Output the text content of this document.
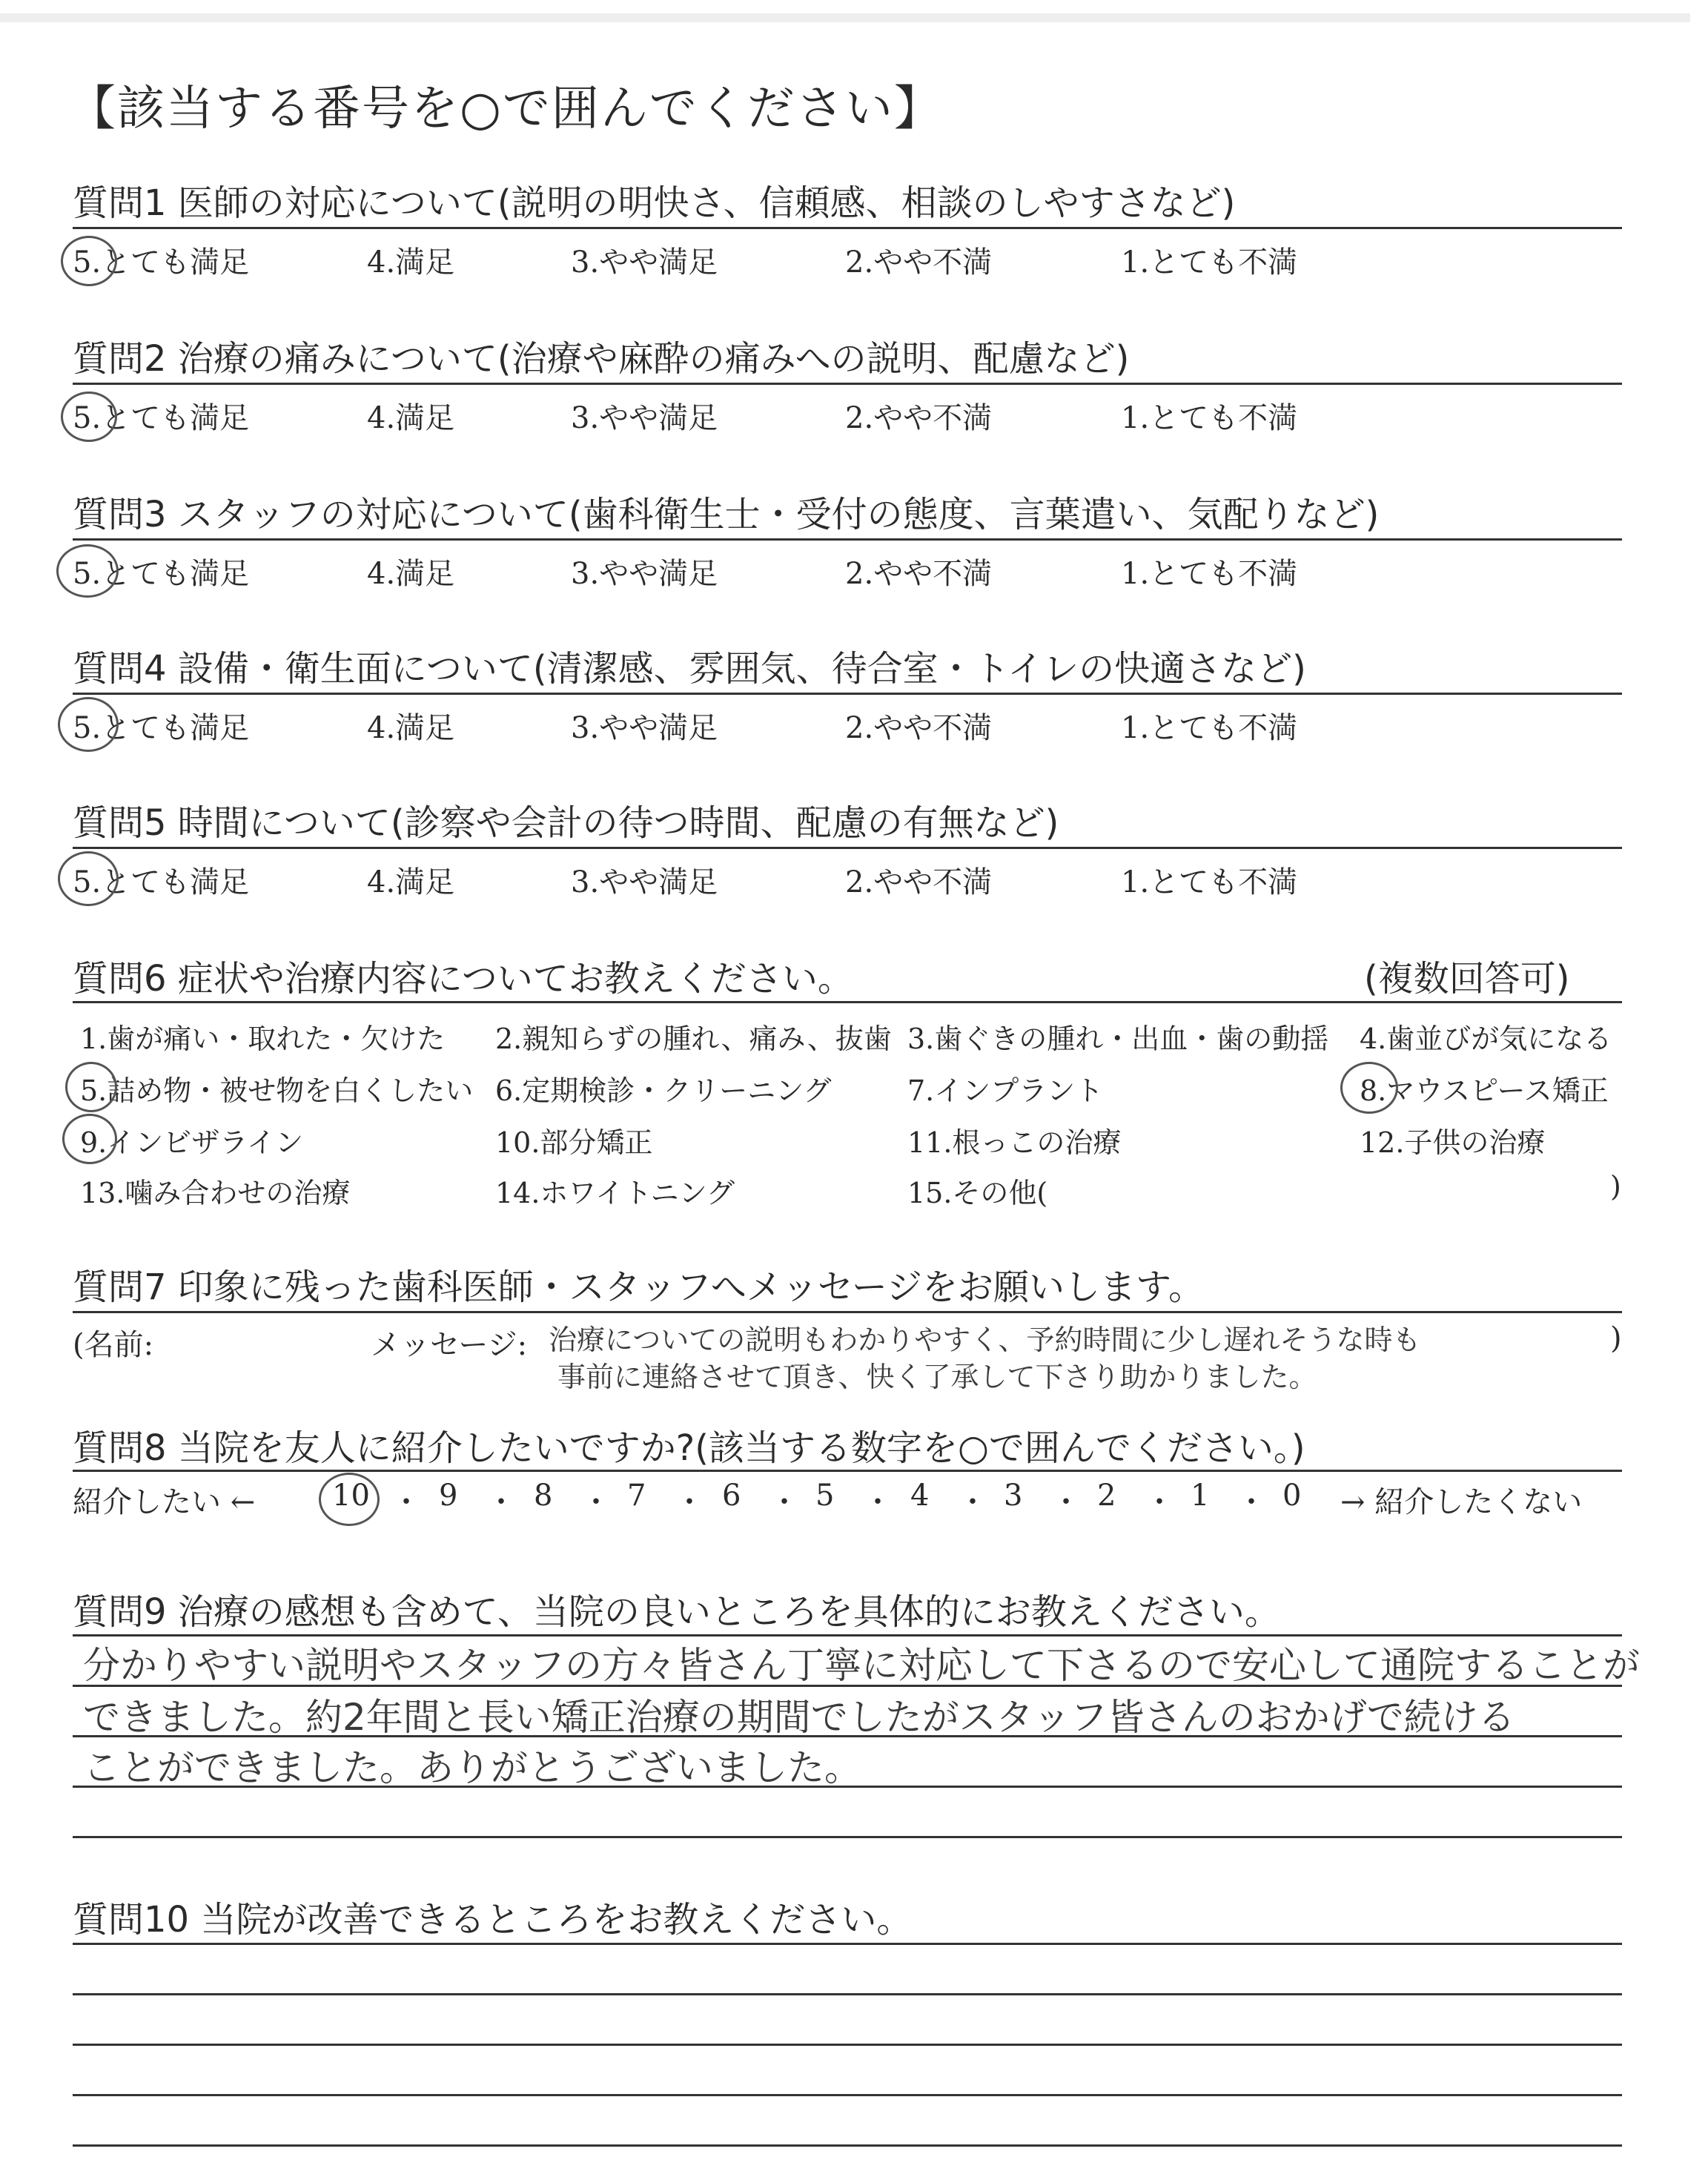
【該当する番号を○で囲んでください】
質問1 医師の対応について(説明の明快さ、信頼感、相談のしやすさなど)
5.とても満足	4.満足	3.やや満足	2.やや不満	1.とても不満
質問2 治療の痛みについて(治療や麻酔の痛みへの説明、配慮など)
5.とても満足	4.満足	3.やや満足	2.やや不満	1.とても不満
質問3 スタッフの対応について(歯科衛生士・受付の態度、言葉遣い、気配りなど)
5.とても満足	4.満足	3.やや満足	2.やや不満	1.とても不満
質問4 設備・衛生面について(清潔感、雰囲気、待合室・トイレの快適さなど)
5.とても満足	4.満足	3.やや満足	2.やや不満	1.とても不満
質問5 時間について(診察や会計の待つ時間、配慮の有無など)
5.とても満足	4.満足	3.やや満足	2.やや不満	1.とても不満
質問6 症状や治療内容についてお教えください。	(複数回答可)
1.歯が痛い・取れた・欠けた 2.親知らずの腫れ、痛み、抜歯 3.歯ぐきの腫れ・出血・歯の動揺 4.歯並びが気になる
5.詰め物・被せ物を白くしたい 6.定期検診・クリーニング	7.インプラント	8.マウスピース矯正
9.インビザライン	10.部分矯正	11.根っこの治療	12.子供の治療
13.噛み合わせの治療	14.ホワイトニング	15.その他(	)
質問7 印象に残った歯科医師・スタッフへメッセージをお願いします。
(名前:	メッセージ: 治療についての説明もわかりやすく、予約時間に少し遅れそうな時も
事前に連絡させて頂き、快く了承して下さり助かりました。
)
質問8 当院を友人に紹介したいですか?(該当する数字を○で囲んでください。)
紹介したい ←	10 ・ 9 ・ 8 ・ 7 ・ 6 ・ 5 ・ 4 ・ 3 ・ 2 ・ 1 ・ 0 → 紹介したくない
質問9 治療の感想も含めて、当院の良いところを具体的にお教えください。
分かりやすい説明やスタッフの方々皆さん丁寧に対応して下さるので安心して通院することが
できました。約2年間と長い矯正治療の期間でしたがスタッフ皆さんのおかげで続ける
ことができました。ありがとうございました。
質問10 当院が改善できるところをお教えください。
